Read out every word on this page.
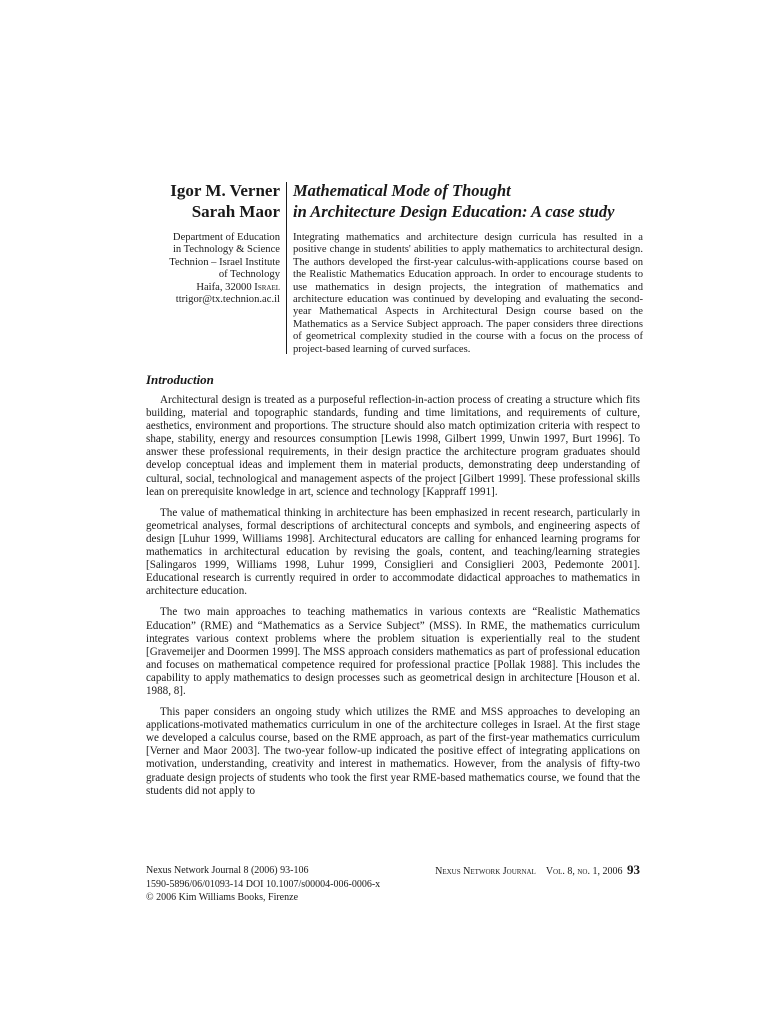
Igor M. Verner
Sarah Maor
Department of Education
in Technology & Science
Technion – Israel Institute
of Technology
Haifa, 32000 Israel
ttrigor@tx.technion.ac.il
Mathematical Mode of Thought
in Architecture Design Education: A case study
Integrating mathematics and architecture design curricula has resulted in a positive change in students' abilities to apply mathematics to architectural design. The authors developed the first-year calculus-with-applications course based on the Realistic Mathematics Education approach. In order to encourage students to use mathematics in design projects, the integration of mathematics and architecture education was continued by developing and evaluating the second-year Mathematical Aspects in Architectural Design course based on the Mathematics as a Service Subject approach. The paper considers three directions of geometrical complexity studied in the course with a focus on the process of project-based learning of curved surfaces.
Introduction

Architectural design is treated as a purposeful reflection-in-action process of creating a structure which fits building, material and topographic standards, funding and time limitations, and requirements of culture, aesthetics, environment and proportions. The structure should also match optimization criteria with respect to shape, stability, energy and resources consumption [Lewis 1998, Gilbert 1999, Unwin 1997, Burt 1996]. To answer these professional requirements, in their design practice the architecture program graduates should develop conceptual ideas and implement them in material products, demonstrating deep understanding of cultural, social, technological and management aspects of the project [Gilbert 1999]. These professional skills lean on prerequisite knowledge in art, science and technology [Kappraff 1991].

The value of mathematical thinking in architecture has been emphasized in recent research, particularly in geometrical analyses, formal descriptions of architectural concepts and symbols, and engineering aspects of design [Luhur 1999, Williams 1998]. Architectural educators are calling for enhanced learning programs for mathematics in architectural education by revising the goals, content, and teaching/learning strategies [Salingaros 1999, Williams 1998, Luhur 1999, Consiglieri and Consiglieri 2003, Pedemonte 2001]. Educational research is currently required in order to accommodate didactical approaches to mathematics in architecture education.

The two main approaches to teaching mathematics in various contexts are “Realistic Mathematics Education” (RME) and “Mathematics as a Service Subject” (MSS). In RME, the mathematics curriculum integrates various context problems where the problem situation is experientially real to the student [Gravemeijer and Doormen 1999]. The MSS approach considers mathematics as part of professional education and focuses on mathematical competence required for professional practice [Pollak 1988]. This includes the capability to apply mathematics to design processes such as geometrical design in architecture [Houson et al. 1988, 8].

This paper considers an ongoing study which utilizes the RME and MSS approaches to developing an applications-motivated mathematics curriculum in one of the architecture colleges in Israel. At the first stage we developed a calculus course, based on the RME approach, as part of the first-year mathematics curriculum [Verner and Maor 2003]. The two-year follow-up indicated the positive effect of integrating applications on motivation, understanding, creativity and interest in mathematics. However, from the analysis of fifty-two graduate design projects of students who took the first year RME-based mathematics course, we found that the students did not apply to

Nexus Network Journal 8 (2006) 93-106
1590-5896/06/01093-14 DOI 10.1007/s00004-006-0006-x
© 2006 Kim Williams Books, Firenze
Nexus Network Journal Vol. 8, no. 1, 2006 93
